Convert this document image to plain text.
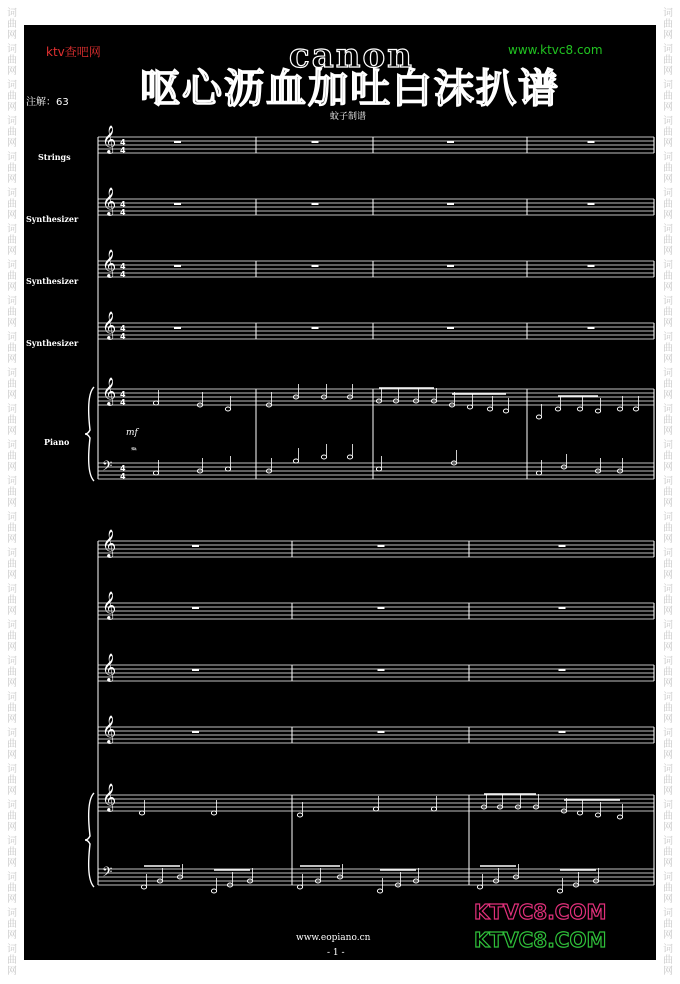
词
曲
网
词
曲
网
词
曲
网
词
曲
网
词
曲
网
词
曲
网
词
曲
网
词
曲
网
词
曲
网
词
曲
网
词
曲
网
词
曲
网
词
曲
网
词
曲
网
词
曲
网
词
曲
网
词
曲
网
词
曲
网
词
曲
网
词
曲
网
词
曲
网
词
曲
网
词
曲
网
词
曲
网
词
曲
网
词
曲
网
词
曲
网
词
曲
网
词
曲
网
词
曲
网
词
曲
网
词
曲
网
词
曲
网
词
曲
网
词
曲
网
词
曲
网
词
曲
网
词
曲
网
词
曲
网
词
曲
网
词
曲
网
词
曲
网
词
曲
网
词
曲
网
词
曲
网
词
曲
网
词
曲
网
词
曲
网
词
曲
网
词
曲
网
词
曲
网
词
曲
网
词
曲
网
词
曲
网
canon
呕心沥血加吐白沫扒谱
ktv查吧网	www.ktvc8.com
注解：63
蚊子制谱
Strings
Synthesizer
Synthesizer
Synthesizer
Piano
𝄞 4
4
𝄞 4
4
𝄞 4
4
𝄞 4
4
𝄞
𝄢
4
4
4
4
mf
𝆮
𝄞
𝄞
𝄞
𝄞
𝄞
𝄢
www.eopiano.cn
- 1 -
KTVC8.COM
KTVC8.COM
